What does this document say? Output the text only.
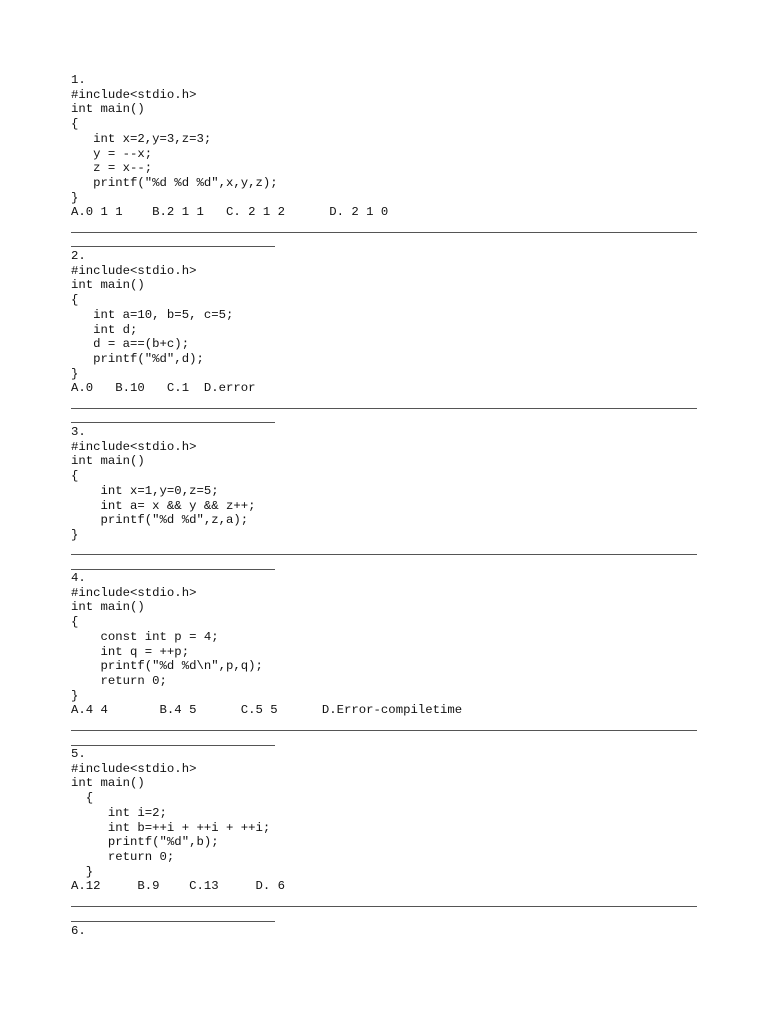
1.
#include<stdio.h>
int main()
{
int x=2,y=3,z=3;
y = --x;
z = x--;
printf("%d %d %d",x,y,z);
}
A.0 1 1    B.2 1 1   C. 2 1 2      D. 2 1 0
2.
#include<stdio.h>
int main()
{
int a=10, b=5, c=5;
int d;
d = a==(b+c);
printf("%d",d);
}
A.0   B.10   C.1  D.error
3.
#include<stdio.h>
int main()
{
int x=1,y=0,z=5;
int a= x && y && z++;
printf("%d %d",z,a);
}
4.
#include<stdio.h>
int main()
{
const int p = 4;
int q = ++p;
printf("%d %d\n",p,q);
return 0;
}
A.4 4       B.4 5      C.5 5      D.Error-compiletime
5.
#include<stdio.h>
int main()
{
int i=2;
int b=++i + ++i + ++i;
printf("%d",b);
return 0;
}
A.12     B.9    C.13     D. 6
6.
